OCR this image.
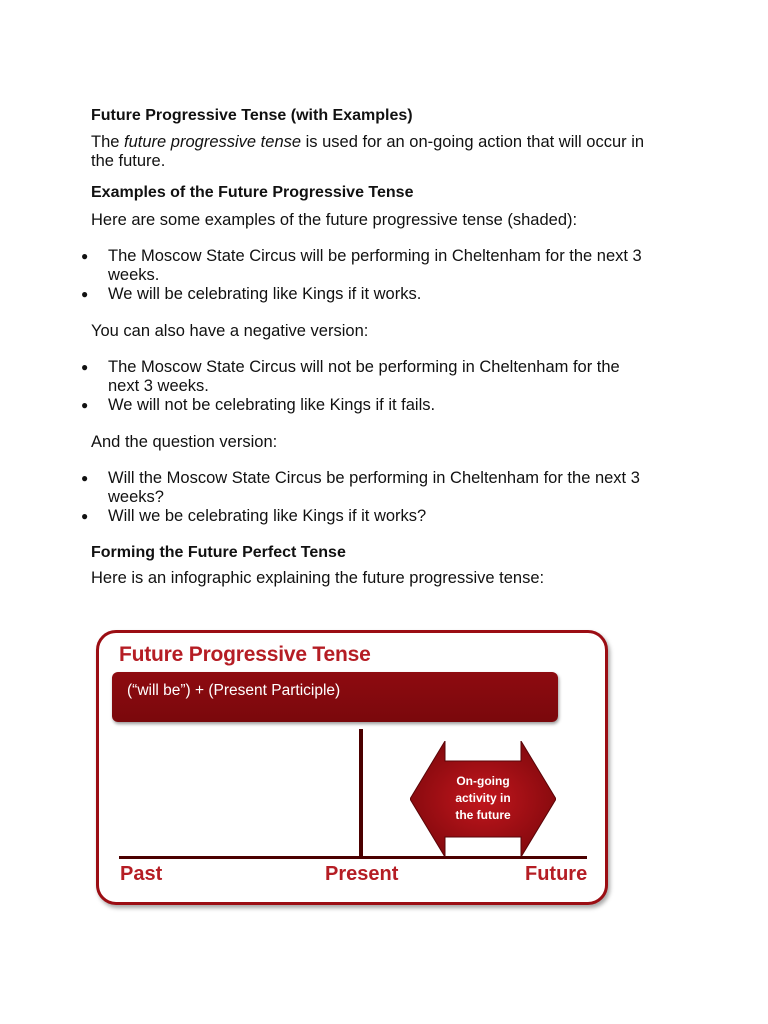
Future Progressive Tense (with Examples)

The future progressive tense is used for an on-going action that will occur in the future.

Examples of the Future Progressive Tense

Here are some examples of the future progressive tense (shaded):

● The Moscow State Circus will be performing in Cheltenham for the next 3 weeks.
● We will be celebrating like Kings if it works.

You can also have a negative version:

● The Moscow State Circus will not be performing in Cheltenham for the next 3 weeks.
● We will not be celebrating like Kings if it fails.

And the question version:

● Will the Moscow State Circus be performing in Cheltenham for the next 3 weeks?
● Will we be celebrating like Kings if it works?
Forming the Future Perfect Tense

Here is an infographic explaining the future progressive tense:

Future Progressive Tense
(“will be”) + (Present Participle)
On-going
activity in
the future
Past	Present	Future
